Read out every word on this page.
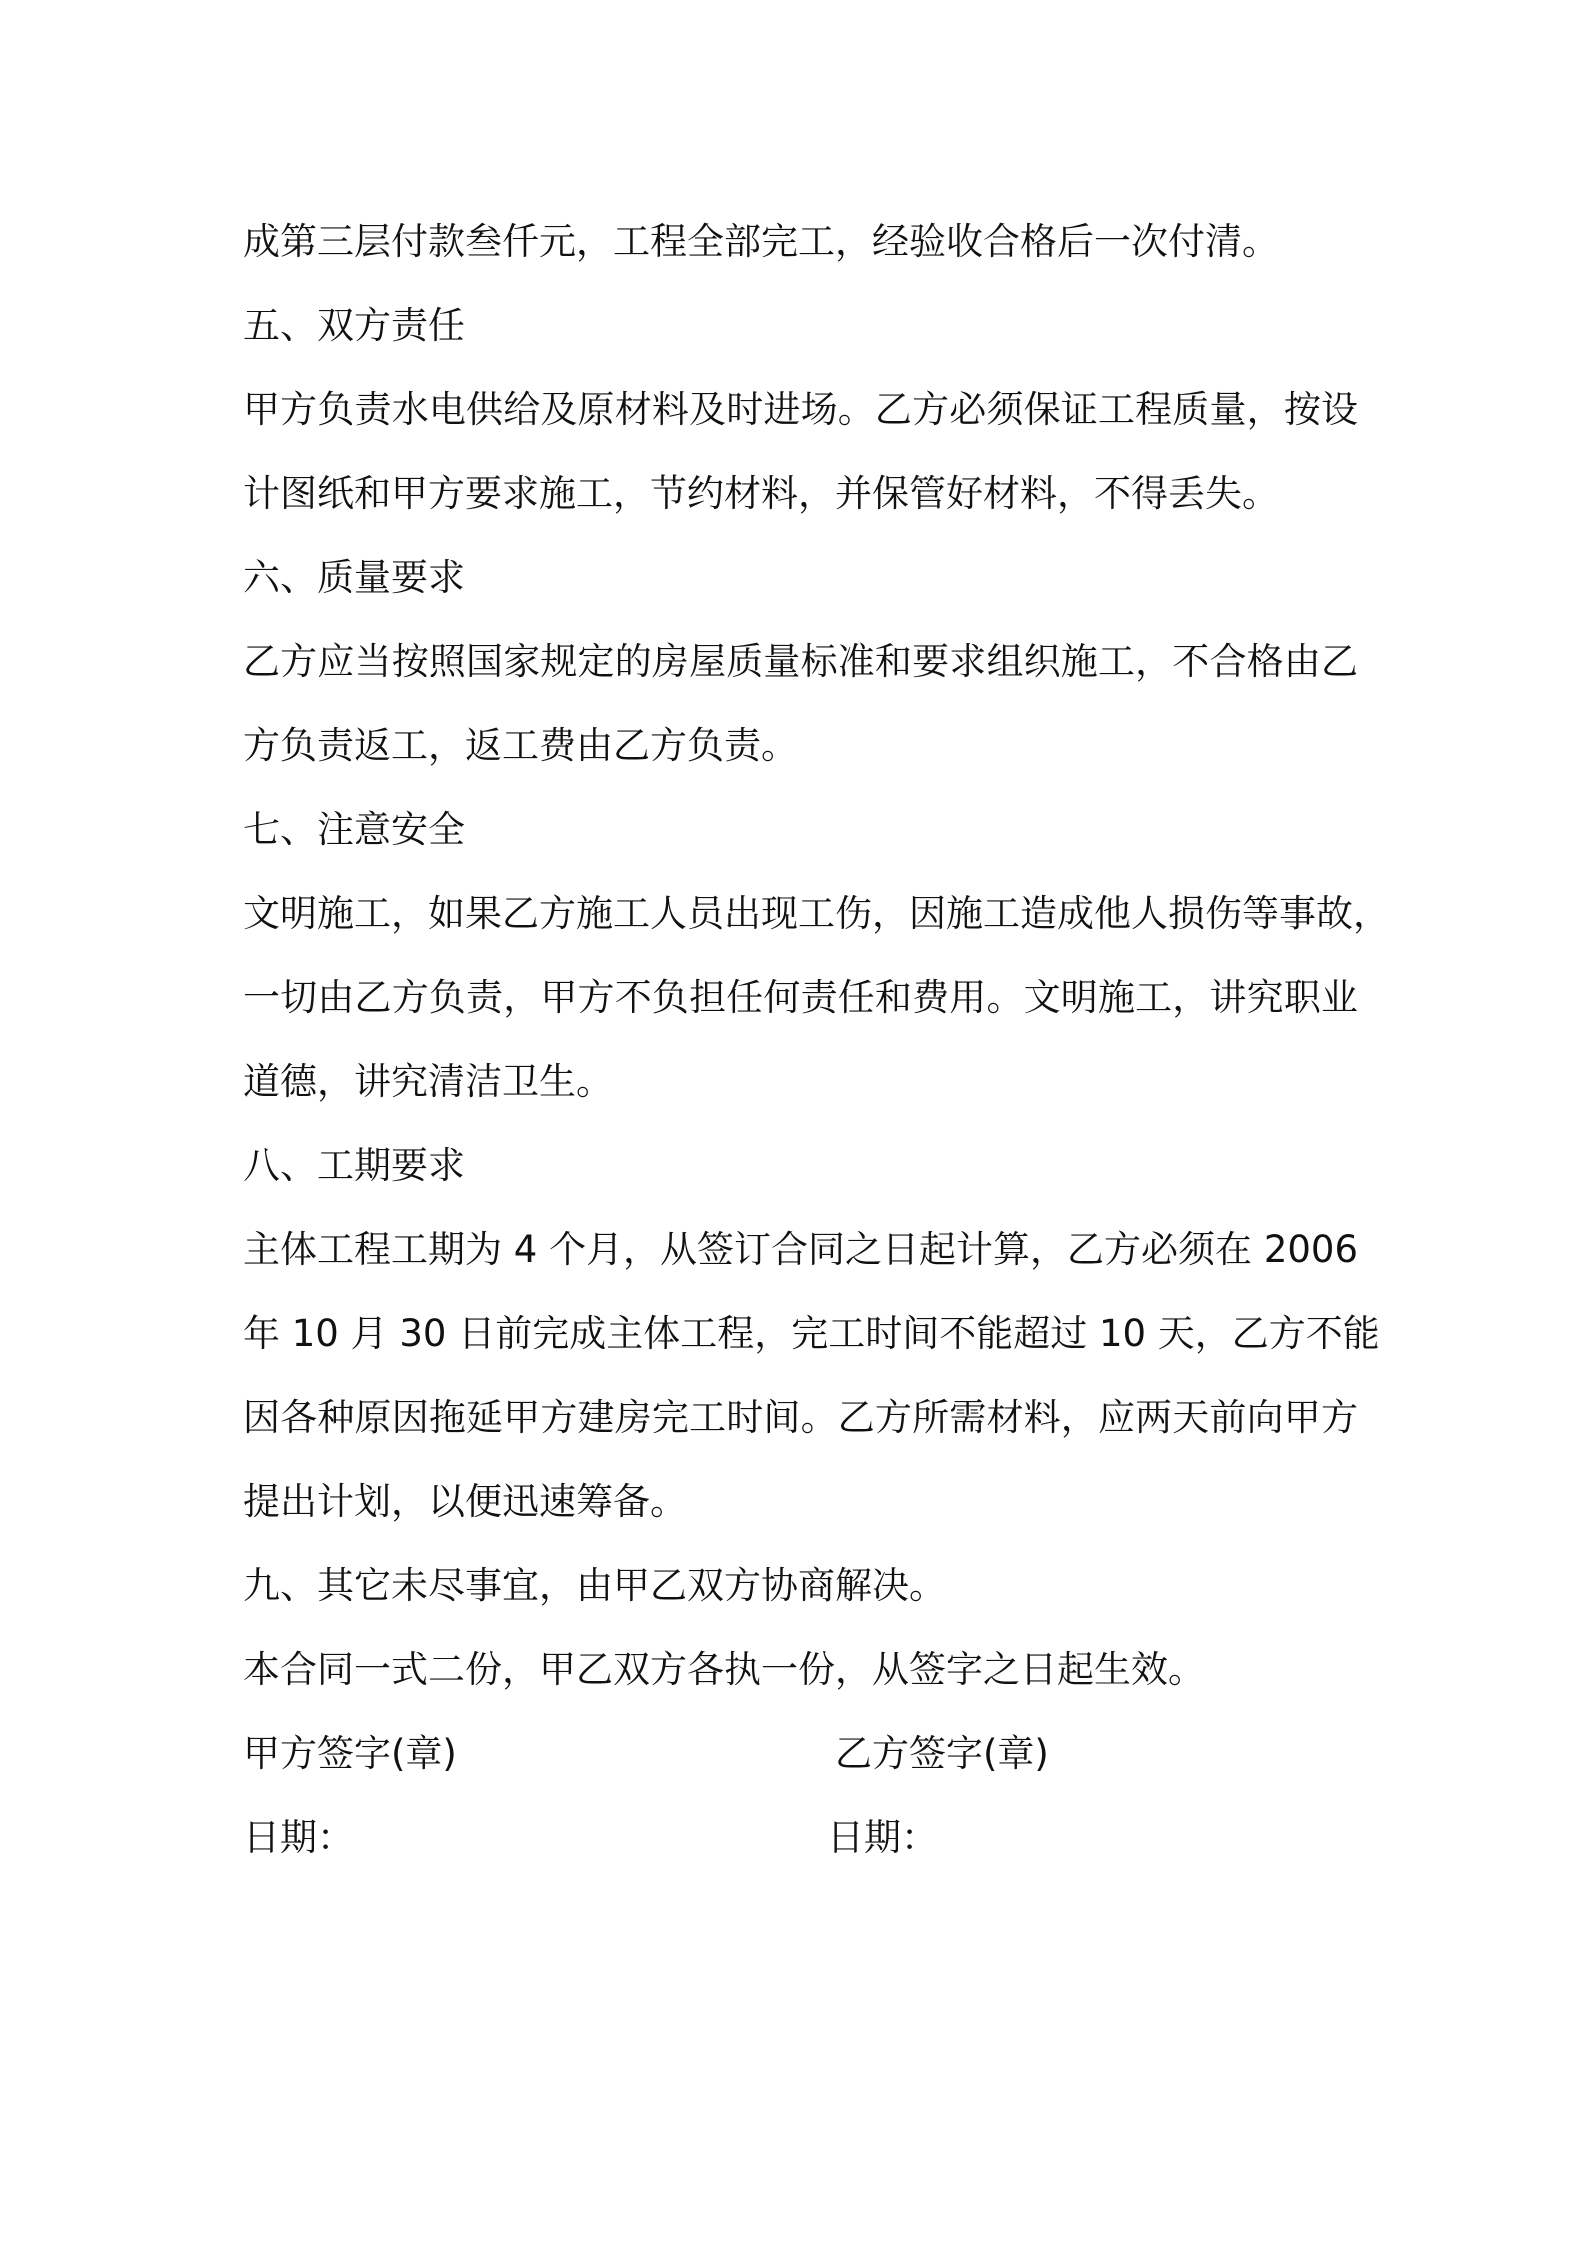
成第三层付款叁仟元，工程全部完工，经验收合格后一次付清。
五、双方责任
甲方负责水电供给及原材料及时进场。乙方必须保证工程质量，按设
计图纸和甲方要求施工，节约材料，并保管好材料，不得丢失。
六、质量要求
乙方应当按照国家规定的房屋质量标准和要求组织施工，不合格由乙
方负责返工，返工费由乙方负责。
七、注意安全
文明施工，如果乙方施工人员出现工伤，因施工造成他人损伤等事故，
一切由乙方负责，甲方不负担任何责任和费用。文明施工，讲究职业
道德，讲究清洁卫生。
八、工期要求
主体工程工期为 4 个月，从签订合同之日起计算，乙方必须在 2006
年 10 月 30 日前完成主体工程，完工时间不能超过 10 天，乙方不能
因各种原因拖延甲方建房完工时间。乙方所需材料，应两天前向甲方
提出计划，以便迅速筹备。
九、其它未尽事宜，由甲乙双方协商解决。
本合同一式二份，甲乙双方各执一份，从签字之日起生效。
甲方签字(章)	乙方签字(章)
日期：	日期：
